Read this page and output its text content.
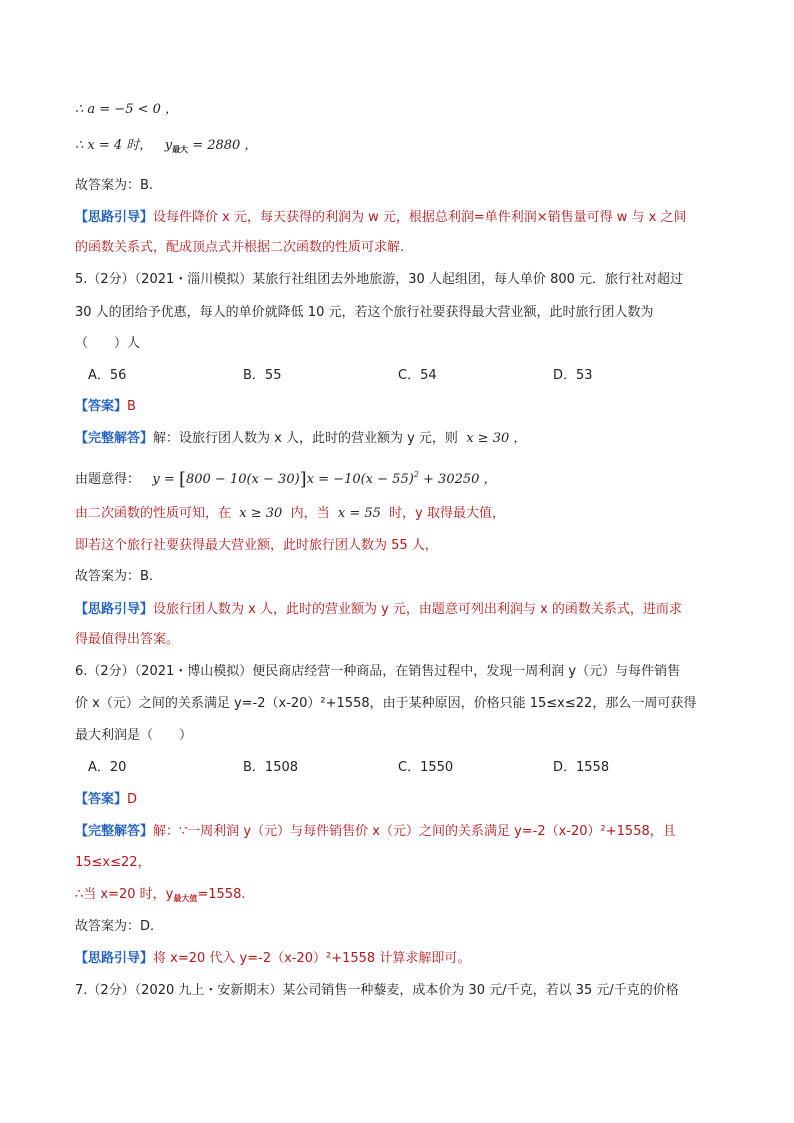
∴ a = −5 < 0 ，
∴ x = 4 时， $y_{最大} = 2880$ ，
故答案为：B.
【思路引导】设每件降价 x 元，每天获得的利润为 w 元，根据总利润=单件利润×销售量可得 w 与 x 之间
的函数关系式，配成顶点式并根据二次函数的性质可求解.
5.（2分）（2021・淄川模拟）某旅行社组团去外地旅游，30 人起组团，每人单价 800 元．旅行社对超过
30 人的团给予优惠，每人的单价就降低 10 元，若这个旅行社要获得最大营业额，此时旅行团人数为
（　　）人
A．56	B．55	C．54	D．53
【答案】B
【完整解答】解：设旅行团人数为 x 人，此时的营业额为 y 元，则 x ≥ 30 ，
由题意得： $y = [800 - 10(x - 30)]x = -10(x - 55)^2 + 30250$ ，
由二次函数的性质可知，在 x ≥ 30 内，当 x = 55 时，y 取得最大值，
即若这个旅行社要获得最大营业额，此时旅行团人数为 55 人，
故答案为：B.
【思路引导】设旅行团人数为 x 人，此时的营业额为 y 元，由题意可列出利润与 x 的函数关系式，进而求
得最值得出答案。
6.（2分）（2021・博山模拟）便民商店经营一种商品，在销售过程中，发现一周利润 y（元）与每件销售
价 x（元）之间的关系满足 y=-2（x-20）²+1558，由于某种原因，价格只能 15≤x≤22，那么一周可获得
最大利润是（　　）
A．20	B．1508	C．1550	D．1558
【答案】D
【完整解答】解：∵一周利润 y（元）与每件销售价 x（元）之间的关系满足 y=-2（x-20）²+1558，且
15≤x≤22，
∴当 x=20 时，$y_{最大值}=1558$.
故答案为：D.
【思路引导】将 x=20 代入 y=-2（x-20）²+1558 计算求解即可。
7.（2分）（2020 九上・安新期末）某公司销售一种藜麦，成本价为 30 元/千克，若以 35 元/千克的价格
